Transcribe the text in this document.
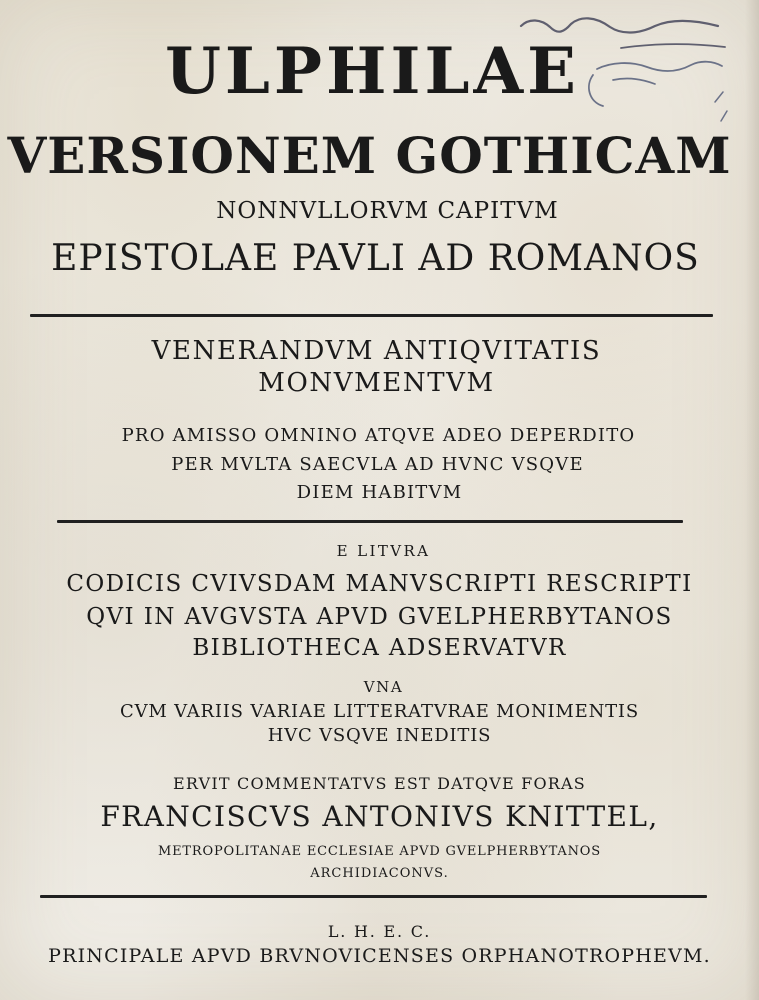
ULPHILAE
VERSIONEM GOTHICAM
NONNVLLORVM CAPITVM
EPISTOLAE PAVLI AD ROMANOS
VENERANDVM ANTIQVITATIS
MONVMENTVM
PRO AMISSO OMNINO ATQVE ADEO DEPERDITO
PER MVLTA SAECVLA AD HVNC VSQVE
DIEM HABITVM
E LITVRA
CODICIS CVIVSDAM MANVSCRIPTI RESCRIPTI
QVI IN AVGVSTA APVD GVELPHERBYTANOS
BIBLIOTHECA ADSERVATVR
VNA
CVM VARIIS VARIAE LITTERATVRAE MONIMENTIS
HVC VSQVE INEDITIS
ERVIT COMMENTATVS EST DATQVE FORAS
FRANCISCVS ANTONIVS KNITTEL,
METROPOLITANAE ECCLESIAE APVD GVELPHERBYTANOS
ARCHIDIACONVS.
L. H. E. C.
PRINCIPALE APVD BRVNOVICENSES ORPHANOTROPHEVM.
